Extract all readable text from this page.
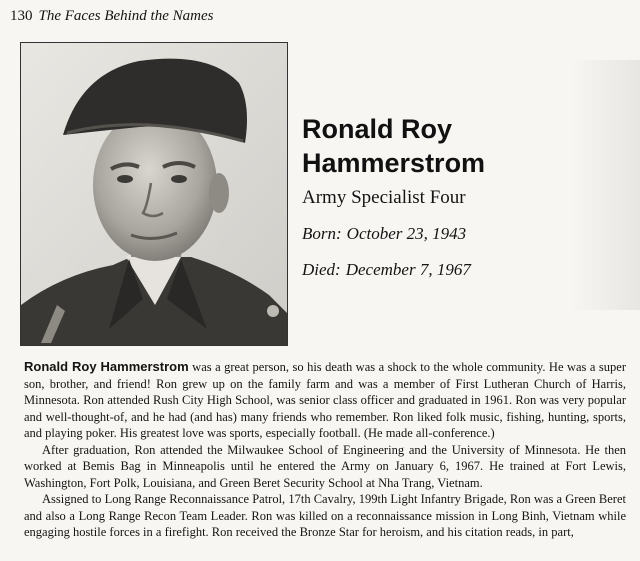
130 The Faces Behind the Names
Ronald Roy
Hammerstrom
Army Specialist Four
Born: October 23, 1943
Died: December 7, 1967

Ronald Roy Hammerstrom was a great person, so his death was a shock to the whole community. He was a super son, brother, and friend! Ron grew up on the family farm and was a member of First Lutheran Church of Harris, Minnesota. Ron attended Rush City High School, was senior class officer and graduated in 1961. Ron was very popular and well-thought-of, and he had (and has) many friends who remember. Ron liked folk music, fishing, hunting, sports, and playing poker. His greatest love was sports, especially football. (He made all-conference.)

After graduation, Ron attended the Milwaukee School of Engineering and the University of Minnesota. He then worked at Bemis Bag in Minneapolis until he entered the Army on January 6, 1967. He trained at Fort Lewis, Washington, Fort Polk, Louisiana, and Green Beret Security School at Nha Trang, Vietnam.

Assigned to Long Range Reconnaissance Patrol, 17th Cavalry, 199th Light Infantry Brigade, Ron was a Green Beret and also a Long Range Recon Team Leader. Ron was killed on a reconnaissance mission in Long Binh, Vietnam while engaging hostile forces in a firefight. Ron received the Bronze Star for heroism, and his citation reads, in part,
